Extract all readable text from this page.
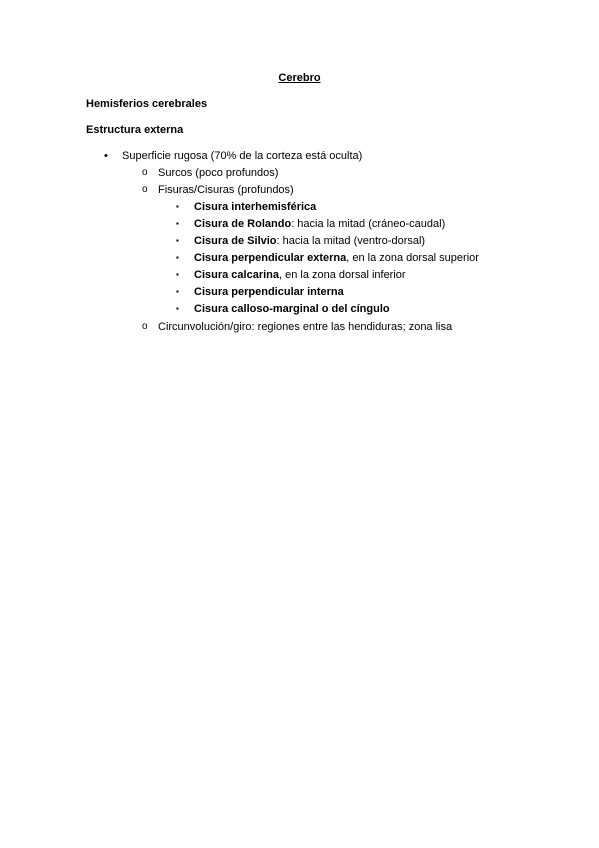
Cerebro
Hemisferios cerebrales
Estructura externa
• Superficie rugosa (70% de la corteza está oculta)
o Surcos (poco profundos)
o Fisuras/Cisuras (profundos)
▪ Cisura interhemisférica
▪ Cisura de Rolando: hacia la mitad (cráneo-caudal)
▪ Cisura de Silvio: hacia la mitad (ventro-dorsal)
▪ Cisura perpendicular externa, en la zona dorsal superior
▪ Cisura calcarina, en la zona dorsal inferior
▪ Cisura perpendicular interna
▪ Cisura calloso-marginal o del cíngulo
o Circunvolución/giro: regiones entre las hendiduras; zona lisa
